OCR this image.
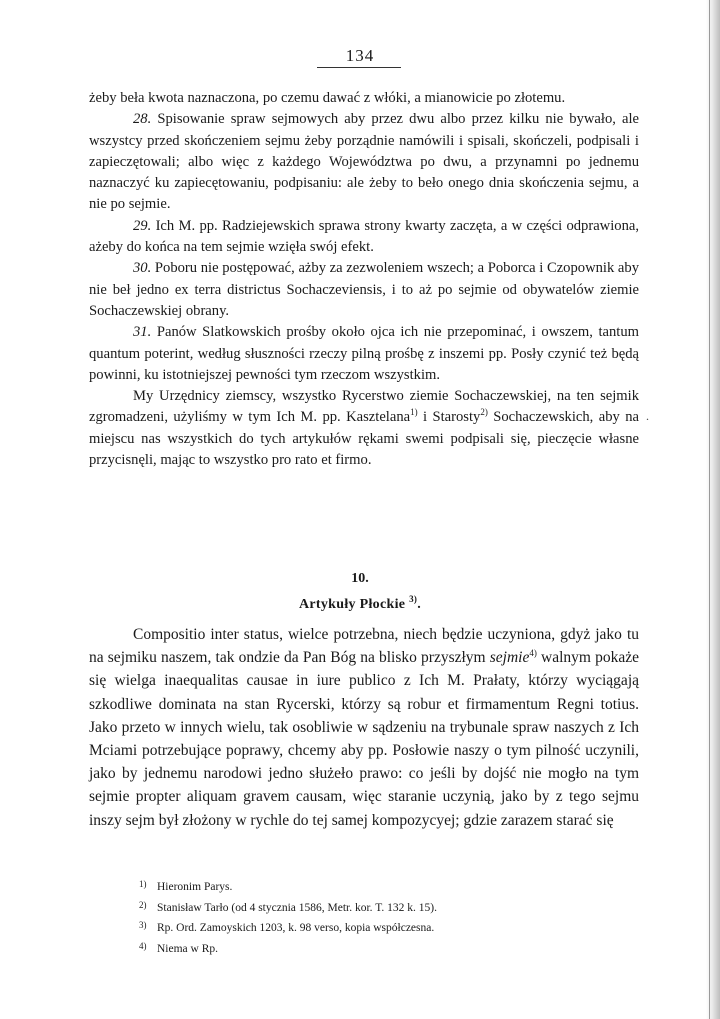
134

żeby beła kwota naznaczona, po czemu dawać z włóki, a mianowicie po złotemu.

28. Spisowanie spraw sejmowych aby przez dwu albo przez kilku nie bywało, ale wszystcy przed skończeniem sejmu żeby porządnie namówili i spisali, skończeli, podpisali i zapieczętowali; albo więc z każdego Województwa po dwu, a przynamni po jednemu naznaczyć ku zapiecętowaniu, podpisaniu: ale żeby to beło onego dnia skończenia sejmu, a nie po sejmie.

29. Ich M. pp. Radziejewskich sprawa strony kwarty zaczęta, a w części odprawiona, ażeby do końca na tem sejmie wzięła swój efekt.

30. Poboru nie postępować, ażby za zezwoleniem wszech; a Poborca i Czopownik aby nie beł jedno ex terra districtus Sochaczeviensis, i to aż po sejmie od obywatelów ziemie Sochaczewskiej obrany.

31. Panów Slatkowskich prośby około ojca ich nie przepominać, i owszem, tantum quantum poterint, według słuszności rzeczy pilną prośbę z inszemi pp. Posły czynić też będą powinni, ku istotniejszej pewności tym rzeczom wszystkim.

My Urzędnicy ziemscy, wszystko Rycerstwo ziemie Sochaczewskiej, na ten sejmik zgromadzeni, użyliśmy w tym Ich M. pp. Kasztelana$^{1)}$ i Starosty$^{2)}$ Sochaczewskich, aby na miejscu nas wszystkich do tych artykułów rękami swemi podpisali się, pieczęcie własne przycisnęli, mając to wszystko pro rato et firmo.

.
10.
Artykuły Płockie $^{3)}$.

Compositio inter status, wielce potrzebna, niech będzie uczyniona, gdyż jako tu na sejmiku naszem, tak ondzie da Pan Bóg na blisko przyszłym sejmie$^{4)}$ walnym pokaże się wielga inaequalitas causae in iure publico z Ich M. Prałaty, którzy wyciągają szkodliwe dominata na stan Rycerski, którzy są robur et firmamentum Regni totius. Jako przeto w innych wielu, tak osobliwie w sądzeniu na trybunale spraw naszych z Ich Mciami potrzebujące poprawy, chcemy aby pp. Posłowie naszy o tym pilność uczynili, jako by jednemu narodowi jedno służeło prawo: co jeśli by dojść nie mogło na tym sejmie propter aliquam gravem causam, więc staranie uczynią, jako by z tego sejmu inszy sejm był złożony w rychle do tej samej kompozycyej; gdzie zarazem starać się

1) Hieronim Parys.

2) Stanisław Tarło (od 4 stycznia 1586, Metr. kor. T. 132 k. 15).

3) Rp. Ord. Zamoyskich 1203, k. 98 verso, kopia współczesna.

4) Niema w Rp.
